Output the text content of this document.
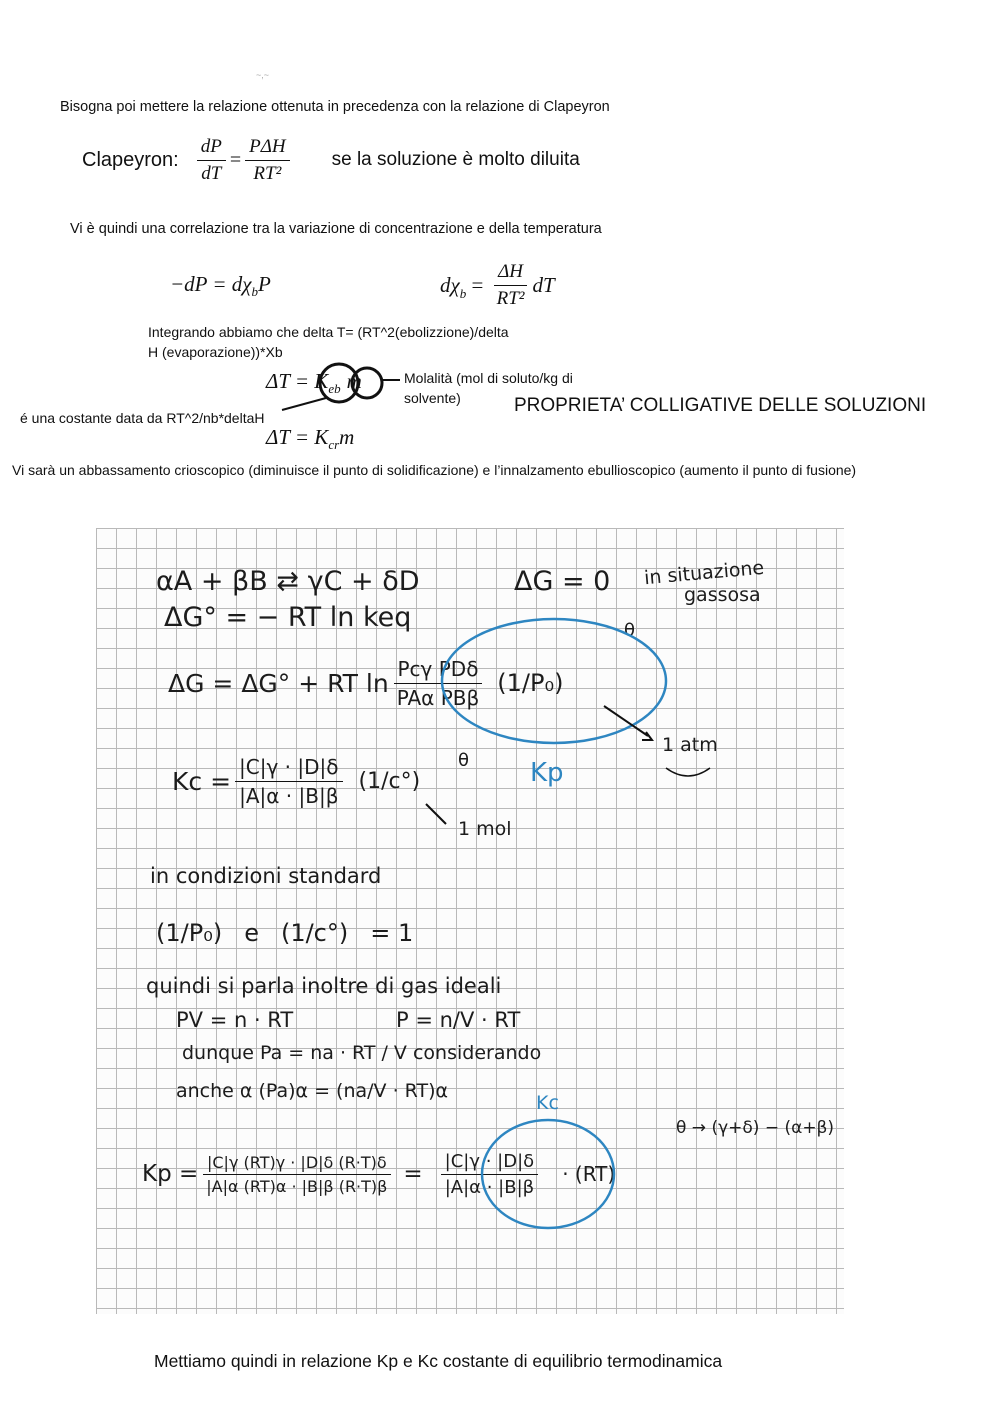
~,~
Bisogna poi mettere la relazione ottenuta in precedenza con la relazione di Clapeyron
Clapeyron: $\frac{dP}{dT} = \frac{\text{PΔH}}{\text{RT²}}$ se la soluzione è molto diluita
Vi è quindi una correlazione tra la variazione di concentrazione e della temperatura
$-dP = d\chi_bP$	$d\chi_b = \frac{\Delta H}{\text{RT²}}$ dT
Integrando abbiamo che delta T= (RT^2(ebolizzione)/delta
H (evaporazione))*Xb
$\Delta T = K_{eb}$ m	Molalità (mol di soluto/kg di
solvente)	PROPRIETA’ COLLIGATIVE DELLE SOLUZIONI
é una costante data da RT^2/nb*deltaH
$\Delta T = K_{cr}m$
Vi sarà un abbassamento crioscopico (diminuisce il punto di solidificazione) e l’innalzamento ebullioscopico (aumento il punto di fusione)
αA + βB ⇄ γC + δD	ΔG = 0 in situazione
gassosa
ΔG° = − RT ln keq
ΔG = ΔG° + RT $\ln \frac{\text{Pcγ PDδ}}{\text{PAα PBβ}} (1/P_0)$
θ
1 atm
$Kc = \frac{|C|\gamma \cdot |D|\delta}{|A|\alpha \cdot |B|\beta} (1/c^\circ)$
θ Kp
1 mol
in condizioni standard
(1/P₀) e (1/c°) = 1
quindi si parla inoltre di gas ideali
PV = n · RT	P = n/V · RT
dunque Pa = na · RT / V considerando
anche α (Pa)α = (na/V · RT)α
Kc
θ → (γ+δ) − (α+β)
$Kp = \frac{|C|\gamma (RT)\gamma \cdot |D|\delta (R\cdot T)\delta}{|A|\alpha (RT)\alpha \cdot |B|\beta (R\cdot T)\beta} = \frac{|C|\gamma \cdot |D|\delta}{|A|\alpha \cdot |B|\beta} \cdot (RT)$
Mettiamo quindi in relazione Kp e Kc costante di equilibrio termodinamica
